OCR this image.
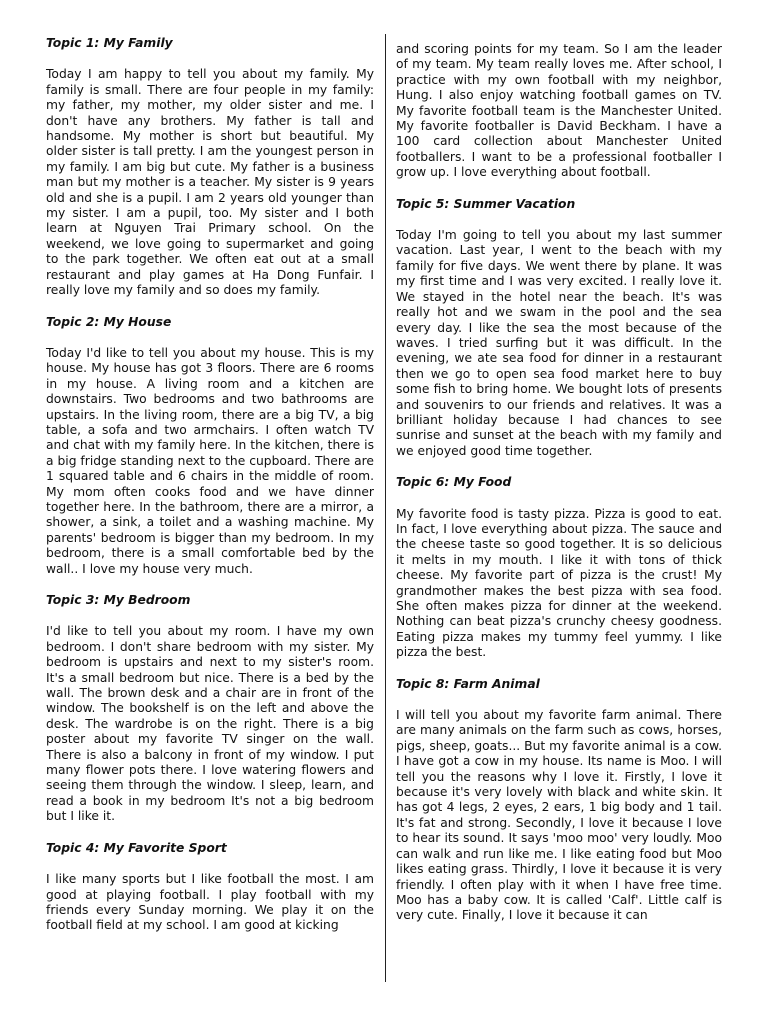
Topic 1: My Family
Today I am happy to tell you about my family. My family is small. There are four people in my family: my father, my mother, my older sister and me. I don't have any brothers. My father is tall and handsome. My mother is short but beautiful. My older sister is tall pretty. I am the youngest person in my family. I am big but cute. My father is a business man but my mother is a teacher. My sister is 9 years old and she is a pupil. I am 2 years old younger than my sister. I am a pupil, too. My sister and I both learn at Nguyen Trai Primary school. On the weekend, we love going to supermarket and going to the park together. We often eat out at a small restaurant and play games at Ha Dong Funfair. I really love my family and so does my family.
Topic 2: My House
Today I'd like to tell you about my house. This is my house. My house has got 3 floors. There are 6 rooms in my house. A living room and a kitchen are downstairs. Two bedrooms and two bathrooms are upstairs. In the living room, there are a big TV, a big table, a sofa and two armchairs. I often watch TV and chat with my family here. In the kitchen, there is a big fridge standing next to the cupboard. There are 1 squared table and 6 chairs in the middle of room. My mom often cooks food and we have dinner together here. In the bathroom, there are a mirror, a shower, a sink, a toilet and a washing machine. My parents' bedroom is bigger than my bedroom. In my bedroom, there is a small comfortable bed by the wall.. I love my house very much.
Topic 3: My Bedroom
I'd like to tell you about my room. I have my own bedroom. I don't share bedroom with my sister. My bedroom is upstairs and next to my sister's room. It's a small bedroom but nice. There is a bed by the wall. The brown desk and a chair are in front of the window. The bookshelf is on the left and above the desk. The wardrobe is on the right. There is a big poster about my favorite TV singer on the wall. There is also a balcony in front of my window. I put many flower pots there. I love watering flowers and seeing them through the window. I sleep, learn, and read a book in my bedroom It's not a big bedroom but I like it.
Topic 4: My Favorite Sport
I like many sports but I like football the most. I am good at playing football. I play football with my friends every Sunday morning. We play it on the football field at my school. I am good at kicking
and scoring points for my team. So I am the leader of my team. My team really loves me. After school, I practice with my own football with my neighbor, Hung. I also enjoy watching football games on TV. My favorite football team is the Manchester United. My favorite footballer is David Beckham. I have a 100 card collection about Manchester United footballers. I want to be a professional footballer I grow up. I love everything about football.
Topic 5: Summer Vacation
Today I'm going to tell you about my last summer vacation. Last year, I went to the beach with my family for five days. We went there by plane. It was my first time and I was very excited. I really love it. We stayed in the hotel near the beach. It's was really hot and we swam in the pool and the sea every day. I like the sea the most because of the waves. I tried surfing but it was difficult. In the evening, we ate sea food for dinner in a restaurant then we go to open sea food market here to buy some fish to bring home. We bought lots of presents and souvenirs to our friends and relatives. It was a brilliant holiday because I had chances to see sunrise and sunset at the beach with my family and we enjoyed good time together.
Topic 6: My Food
My favorite food is tasty pizza. Pizza is good to eat. In fact, I love everything about pizza. The sauce and the cheese taste so good together. It is so delicious it melts in my mouth. I like it with tons of thick cheese. My favorite part of pizza is the crust! My grandmother makes the best pizza with sea food. She often makes pizza for dinner at the weekend. Nothing can beat pizza's crunchy cheesy goodness. Eating pizza makes my tummy feel yummy. I like pizza the best.
Topic 8: Farm Animal
I will tell you about my favorite farm animal. There are many animals on the farm such as cows, horses, pigs, sheep, goats... But my favorite animal is a cow. I have got a cow in my house. Its name is Moo. I will tell you the reasons why I love it. Firstly, I love it because it's very lovely with black and white skin. It has got 4 legs, 2 eyes, 2 ears, 1 big body and 1 tail. It's fat and strong. Secondly, I love it because I love to hear its sound. It says 'moo moo' very loudly. Moo can walk and run like me. I like eating food but Moo likes eating grass. Thirdly, I love it because it is very friendly. I often play with it when I have free time. Moo has a baby cow. It is called 'Calf'. Little calf is very cute. Finally, I love it because it can
